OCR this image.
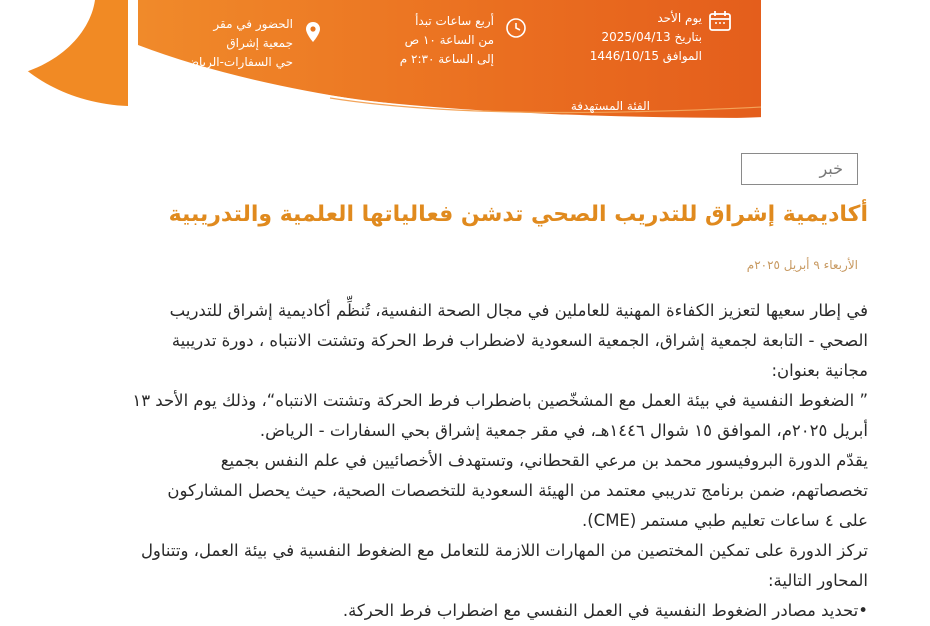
يوم الأحد
بتاريخ 2025/04/13
الموافق 1446/10/15
أربع ساعات تبدأ
من الساعة ١٠ ص
إلى الساعة ٢:٣٠ م
الحضور في مقر
جمعية إشراق
حي السفارات-الرياض
الفئة المستهدفة
الأخصائيين في مجال الصحة النفسية
خبر
أكاديمية إشراق للتدريب الصحي تدشن فعالياتها العلمية والتدريبية
الأربعاء ٩ أبريل ٢٠٢٥م
في إطار سعيها لتعزيز الكفاءة المهنية للعاملين في مجال الصحة النفسية، تُنظِّم أكاديمية إشراق للتدريب
الصحي - التابعة لجمعية إشراق، الجمعية السعودية لاضطراب فرط الحركة وتشتت الانتباه ، دورة تدريبية
مجانية بعنوان:
” الضغوط النفسية في بيئة العمل مع المشخّصين باضطراب فرط الحركة وتشتت الانتباه“، وذلك يوم الأحد ١٣
أبريل ٢٠٢٥م، الموافق ١٥ شوال ١٤٤٦هـ، في مقر جمعية إشراق بحي السفارات - الرياض.
يقدّم الدورة البروفيسور محمد بن مرعي القحطاني، وتستهدف الأخصائيين في علم النفس بجميع
تخصصاتهم، ضمن برنامج تدريبي معتمد من الهيئة السعودية للتخصصات الصحية، حيث يحصل المشاركون
على ٤ ساعات تعليم طبي مستمر (CME).
تركز الدورة على تمكين المختصين من المهارات اللازمة للتعامل مع الضغوط النفسية في بيئة العمل، وتتناول
المحاور التالية:
•تحديد مصادر الضغوط النفسية في العمل النفسي مع اضطراب فرط الحركة.
